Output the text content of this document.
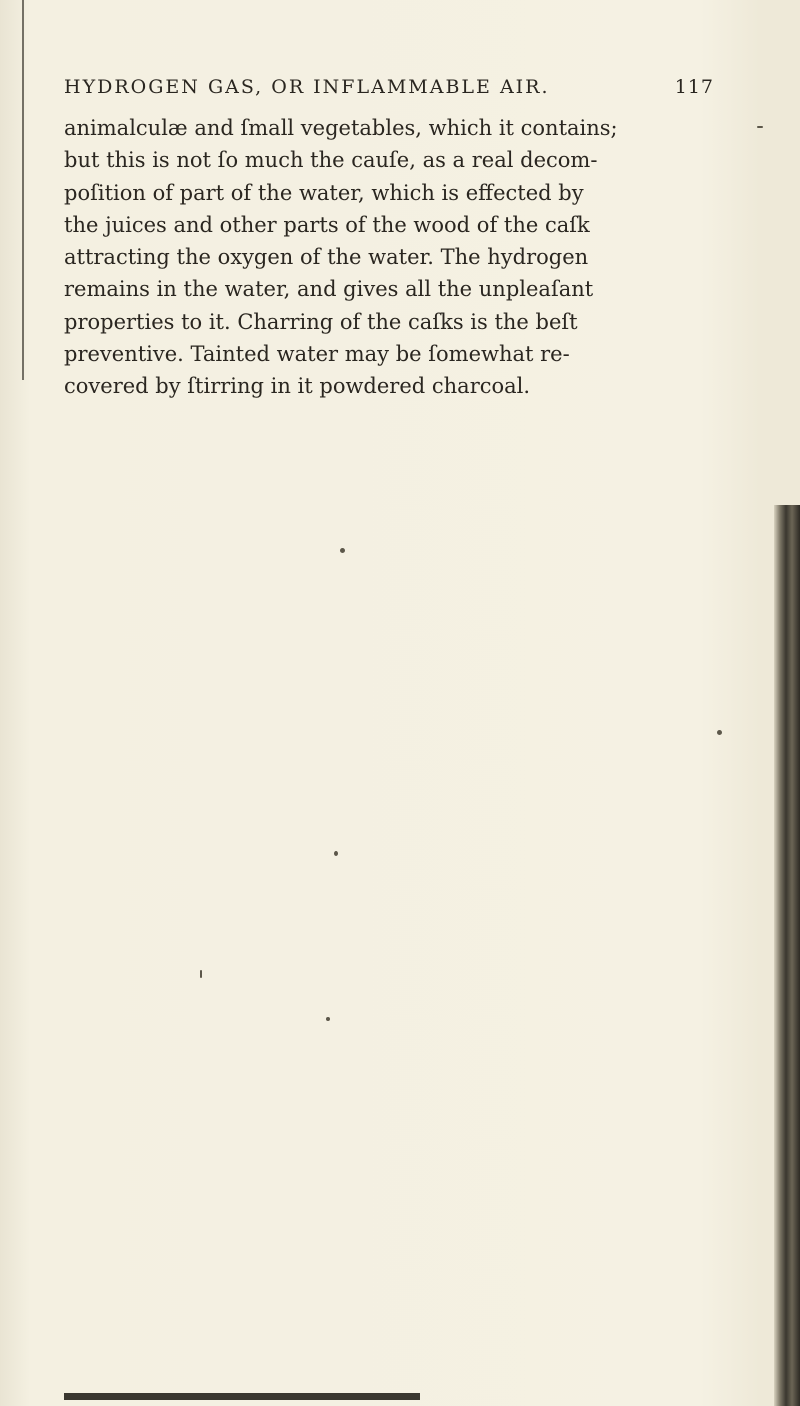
HYDROGEN GAS, OR INFLAMMABLE AIR.	117
animalculæ and ſmall vegetables, which it contains;
but this is not ſo much the cauſe, as a real decom-
poſition of part of the water, which is effected by
the juices and other parts of the wood of the caſk
attracting the oxygen of the water. The hydrogen
remains in the water, and gives all the unpleaſant
properties to it. Charring of the caſks is the beſt
preventive. Tainted water may be ſomewhat re-
covered by ſtirring in it powdered charcoal.
